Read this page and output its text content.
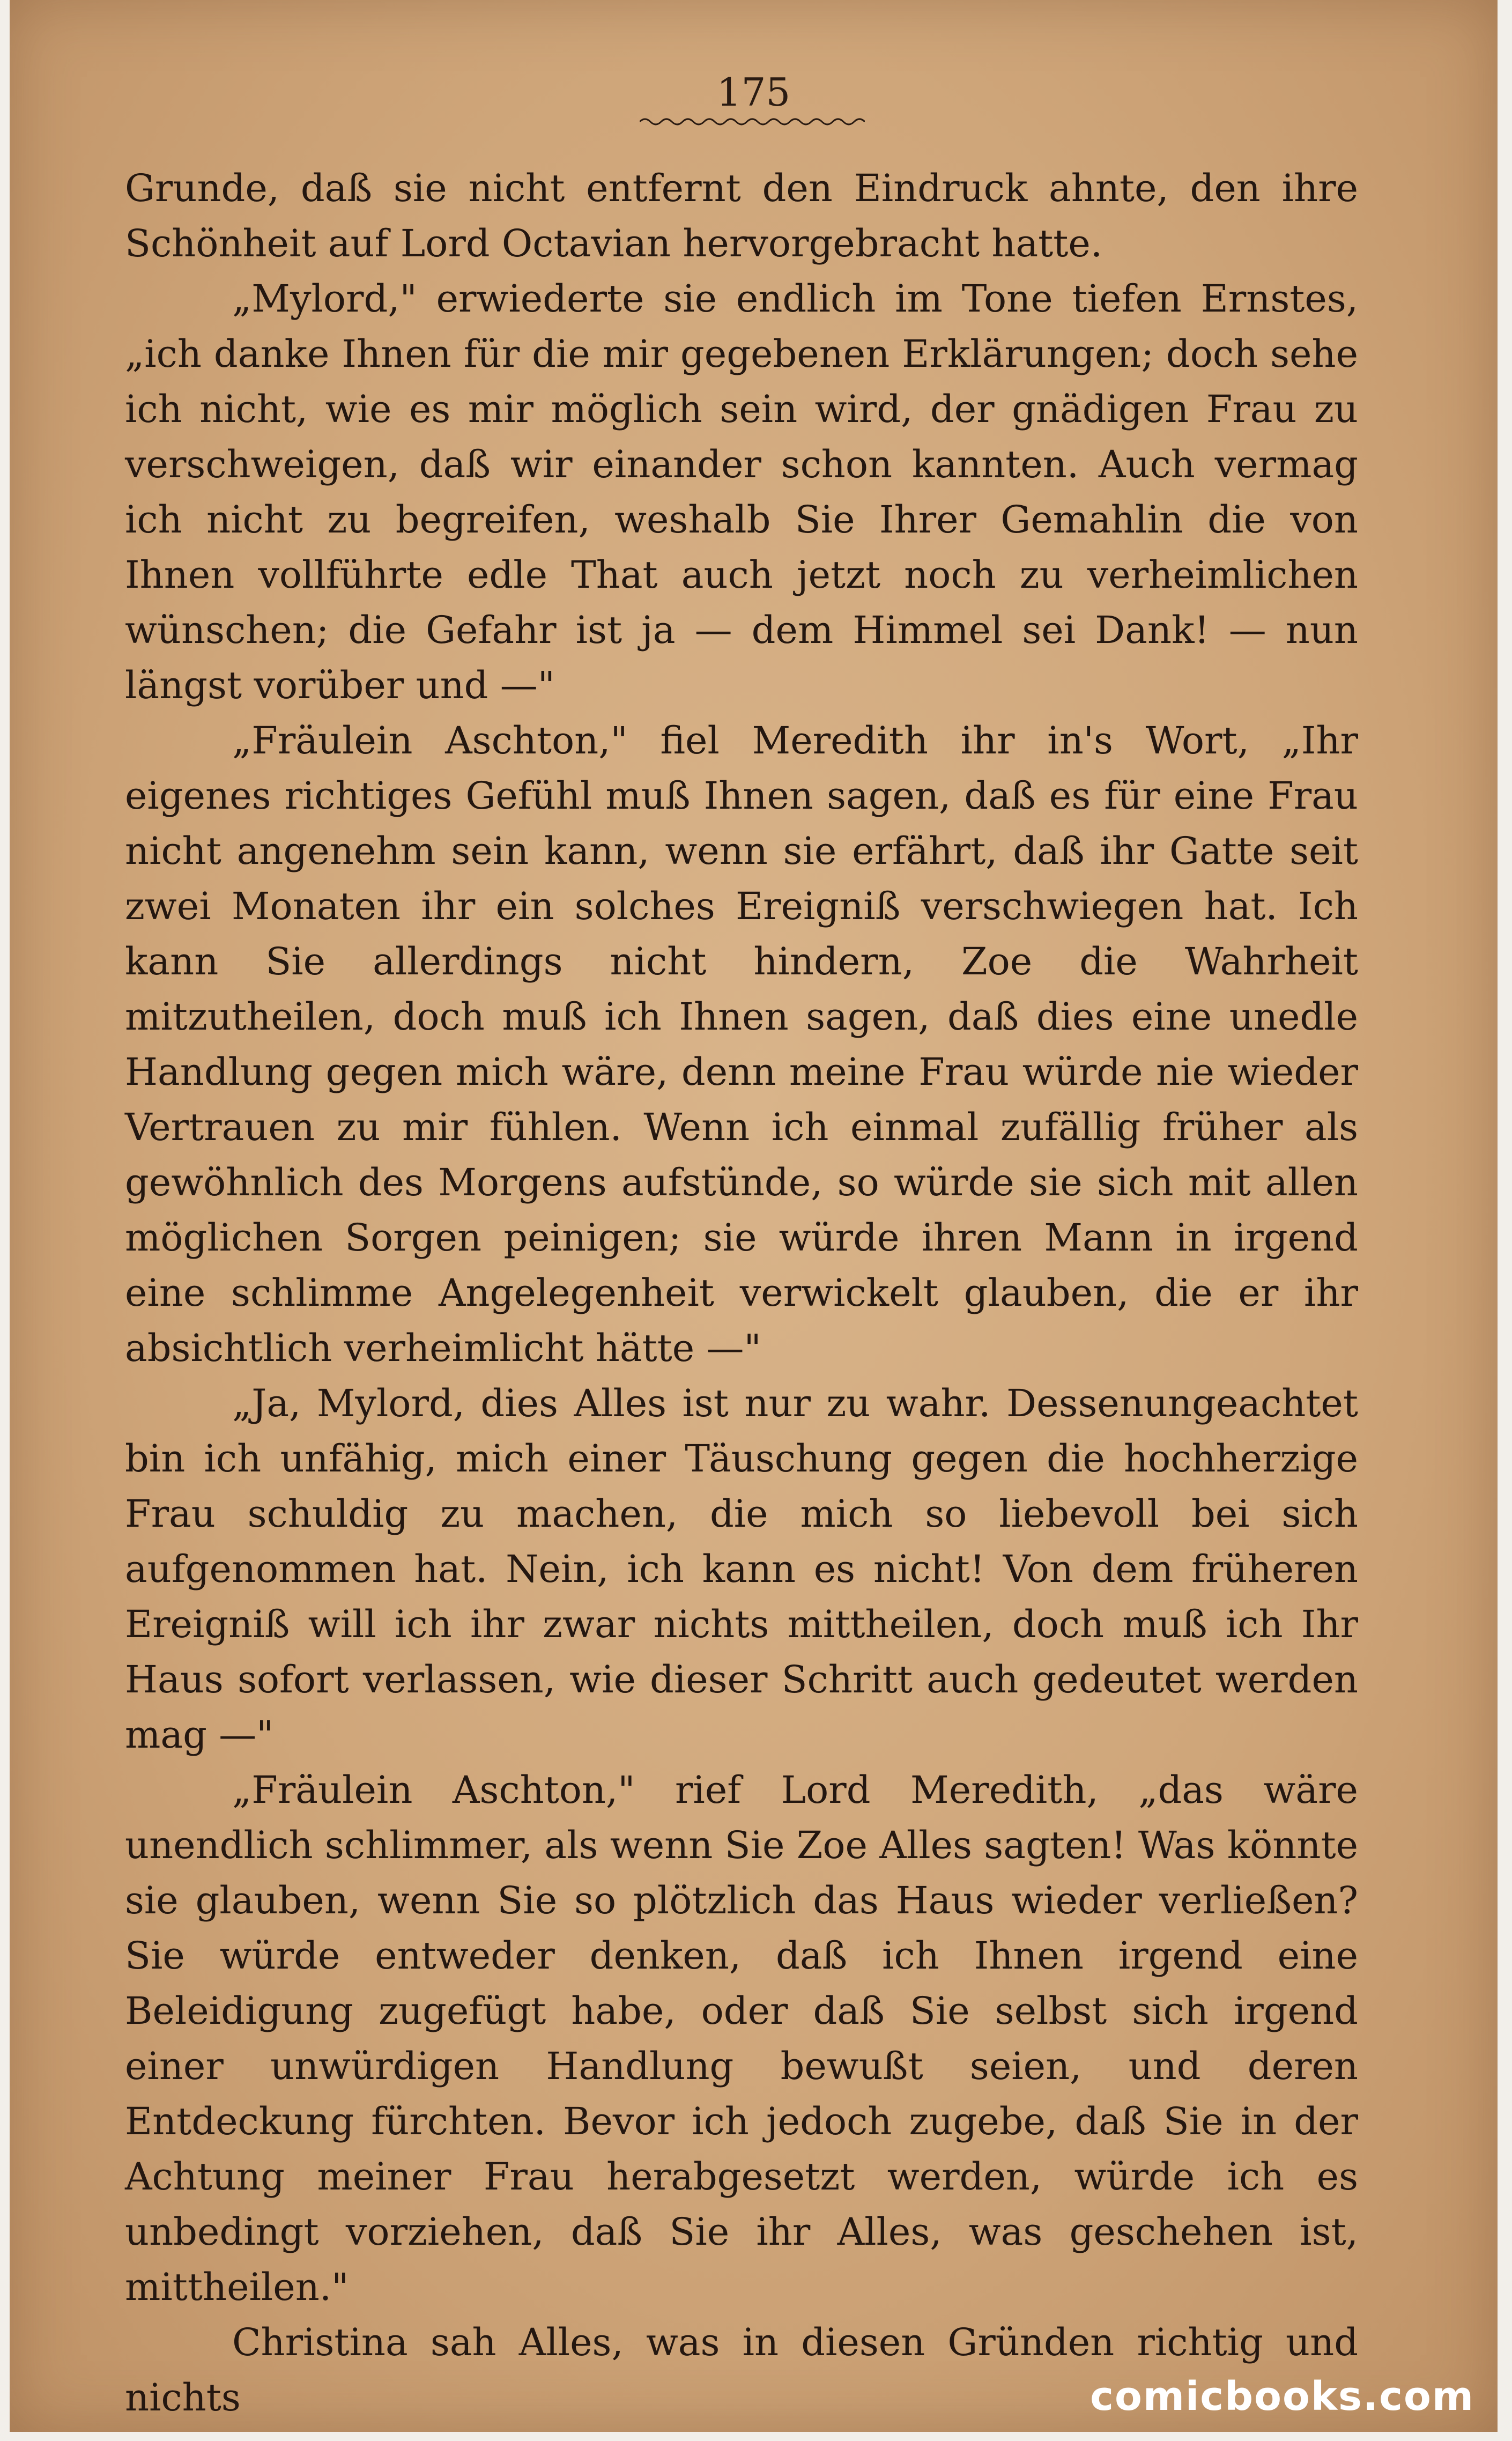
175

Grunde, daß sie nicht entfernt den Eindruck ahnte, den ihre Schönheit auf Lord Octavian hervorgebracht hatte.

„Mylord," erwiederte sie endlich im Tone tiefen Ernstes, „ich danke Ihnen für die mir gegebenen Erklärungen; doch sehe ich nicht, wie es mir möglich sein wird, der gnädigen Frau zu verschweigen, daß wir einander schon kannten. Auch vermag ich nicht zu begreifen, weshalb Sie Ihrer Gemahlin die von Ihnen vollführte edle That auch jetzt noch zu verheimlichen wünschen; die Gefahr ist ja — dem Himmel sei Dank! — nun längst vorüber und —"

„Fräulein Aschton," fiel Meredith ihr in's Wort, „Ihr eigenes richtiges Gefühl muß Ihnen sagen, daß es für eine Frau nicht angenehm sein kann, wenn sie erfährt, daß ihr Gatte seit zwei Monaten ihr ein solches Ereigniß verschwiegen hat. Ich kann Sie allerdings nicht hindern, Zoe die Wahrheit mitzutheilen, doch muß ich Ihnen sagen, daß dies eine unedle Handlung gegen mich wäre, denn meine Frau würde nie wieder Vertrauen zu mir fühlen. Wenn ich einmal zufällig früher als gewöhnlich des Morgens aufstünde, so würde sie sich mit allen möglichen Sorgen peinigen; sie würde ihren Mann in irgend eine schlimme Angelegenheit verwickelt glauben, die er ihr absichtlich verheimlicht hätte —"

„Ja, Mylord, dies Alles ist nur zu wahr. Dessenungeachtet bin ich unfähig, mich einer Täuschung gegen die hochherzige Frau schuldig zu machen, die mich so liebevoll bei sich aufgenommen hat. Nein, ich kann es nicht! Von dem früheren Ereigniß will ich ihr zwar nichts mittheilen, doch muß ich Ihr Haus sofort verlassen, wie dieser Schritt auch gedeutet werden mag —"

„Fräulein Aschton," rief Lord Meredith, „das wäre unendlich schlimmer, als wenn Sie Zoe Alles sagten! Was könnte sie glauben, wenn Sie so plötzlich das Haus wieder verließen? Sie würde entweder denken, daß ich Ihnen irgend eine Beleidigung zugefügt habe, oder daß Sie selbst sich irgend einer unwürdigen Handlung bewußt seien, und deren Entdeckung fürchten. Bevor ich jedoch zugebe, daß Sie in der Achtung meiner Frau herabgesetzt werden, würde ich es unbedingt vorziehen, daß Sie ihr Alles, was geschehen ist, mittheilen."

Christina sah Alles, was in diesen Gründen richtig und nichts	comicbooks.com
